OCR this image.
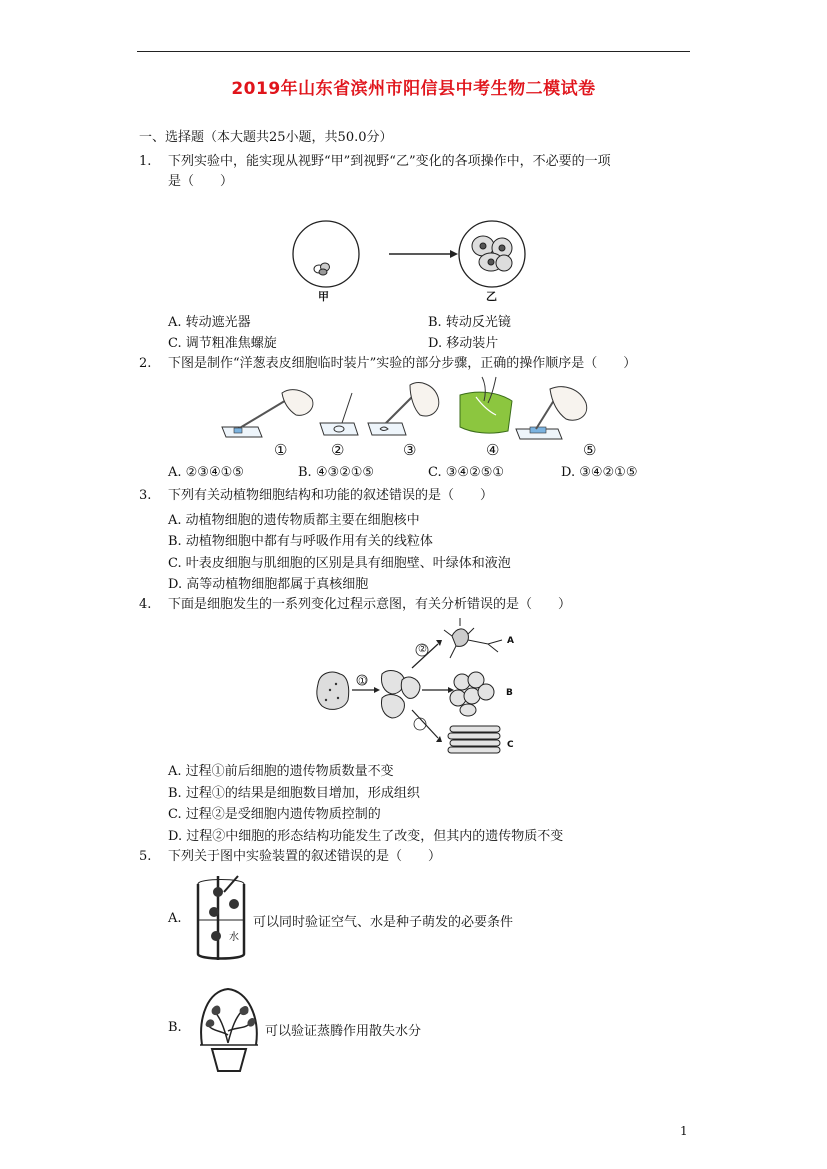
2019年山东省滨州市阳信县中考生物二模试卷
一、选择题（本大题共25小题，共50.0分）
1. 下列实验中，能实现从视野“甲”到视野“乙”变化的各项操作中，不必要的一项
是（　　）
甲	乙
A. 转动遮光器	B. 转动反光镜
C. 调节粗准焦螺旋	D. 移动装片
2. 下图是制作“洋葱表皮细胞临时装片”实验的部分步骤，正确的操作顺序是（　　）
①	②	③	④	⑤
A. ②③④①⑤	B. ④③②①⑤	C. ③④②⑤①	D. ③④②①⑤
3. 下列有关动植物细胞结构和功能的叙述错误的是（　　）
A. 动植物细胞的遗传物质都主要在细胞核中
B. 动植物细胞中都有与呼吸作用有关的线粒体
C. 叶表皮细胞与肌细胞的区别是具有细胞壁、叶绿体和液泡
D. 高等动植物细胞都属于真核细胞
4. 下面是细胞发生的一系列变化过程示意图，有关分析错误的是（　　）
①
②
A
B
C
A. 过程①前后细胞的遗传物质数量不变
B. 过程①的结果是细胞数目增加，形成组织
C. 过程②是受细胞内遗传物质控制的
D. 过程②中细胞的形态结构功能发生了改变，但其内的遗传物质不变
5. 下列关于图中实验装置的叙述错误的是（　　）
A.
水
可以同时验证空气、水是种子萌发的必要条件
B.	可以验证蒸腾作用散失水分
1
